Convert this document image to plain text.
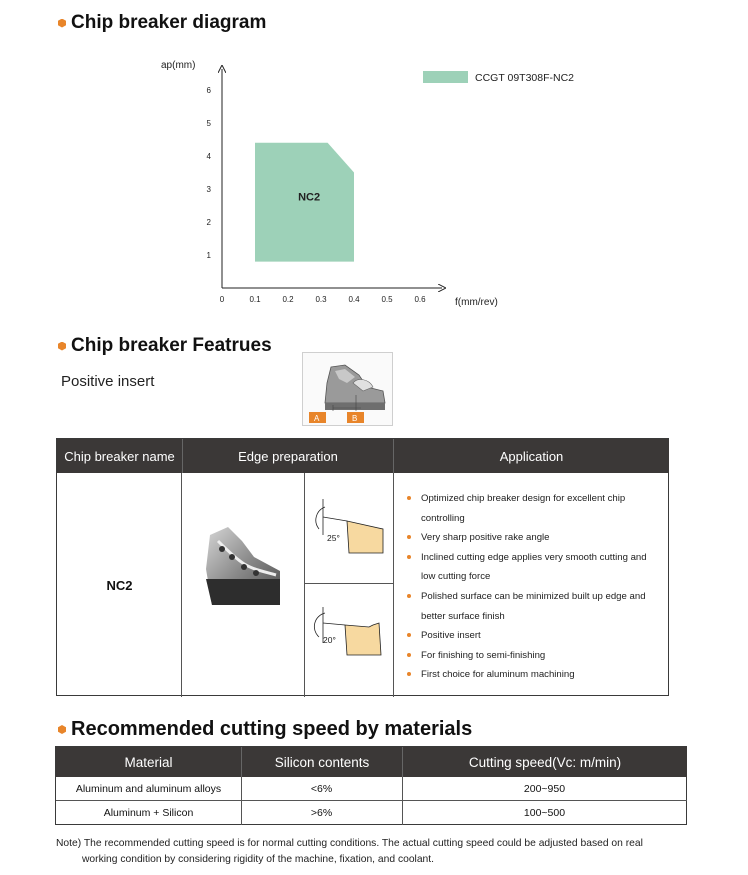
Chip breaker diagram
NC2
0	0.1	0.2	0.3	0.4	0.5	0.6
1
2
3
4
5
6
ap(mm)
f(mm/rev)
CCGT 09T308F-NC2
Chip breaker Featrues
Positive insert
A	B
Chip breaker name	Edge preparation	Application
NC2
25°
20°
Optimized chip breaker design for excellent chip controlling
Very sharp positive rake angle
Inclined cutting edge applies very smooth cutting and low cutting force
Polished surface can be minimized built up edge and better surface finish
Positive insert
For finishing to semi-finishing
First choice for aluminum machining
Recommended cutting speed by materials
Material	Silicon contents	Cutting speed(Vc: m/min)
Aluminum and aluminum alloys	<6%	200~950
Aluminum + Silicon	>6%	100~500
Note) The recommended cutting speed is for normal cutting conditions. The actual cutting speed could be adjusted based on real
working condition by considering rigidity of the machine, fixation, and coolant.
